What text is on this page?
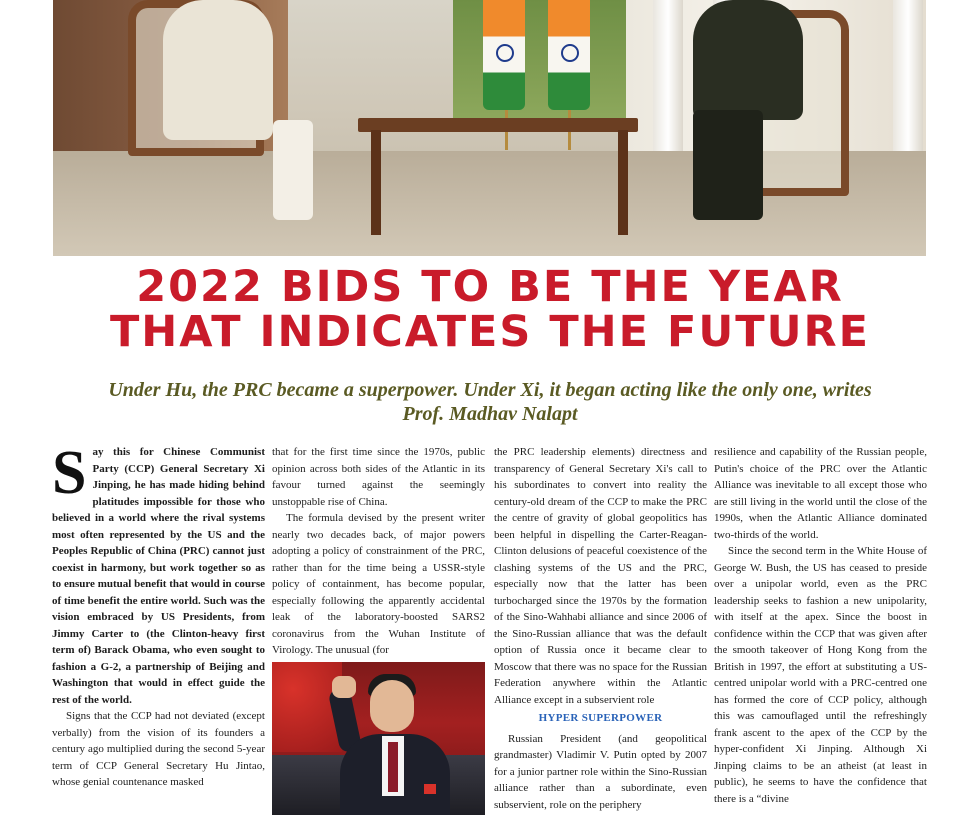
2022 BIDS TO BE THE YEAR
THAT INDICATES THE FUTURE
Under Hu, the PRC became a superpower. Under Xi, it began acting like the only one, writes
Prof. Madhav Nalapt

Say this for Chinese Communist Party (CCP) General Secretary Xi Jinping, he has made hiding behind platitudes impossible for those who believed in a world where the rival systems most often represented by the US and the Peoples Republic of China (PRC) cannot just coexist in harmony, but work together so as to ensure mutual benefit that would in course of time benefit the entire world. Such was the vision embraced by US Presidents, from Jimmy Carter to (the Clinton-heavy first term of) Barack Obama, who even sought to fashion a G-2, a partnership of Beijing and Washington that would in effect guide the rest of the world.

Signs that the CCP had not deviated (except verbally) from the vision of its founders a century ago multiplied during the second 5-year term of CCP General Secretary Hu Jintao, whose genial countenance masked

that for the first time since the 1970s, public opinion across both sides of the Atlantic in its favour turned against the seemingly unstoppable rise of China.

The formula devised by the present writer nearly two decades back, of major powers adopting a policy of constrainment of the PRC, rather than for the time being a USSR-style policy of containment, has become popular, especially following the apparently accidental leak of the laboratory-boosted SARS2 coronavirus from the Wuhan Institute of Virology. The unusual (for

the PRC leadership elements) directness and transparency of General Secretary Xi's call to his subordinates to convert into reality the century-old dream of the CCP to make the PRC the centre of gravity of global geopolitics has been helpful in dispelling the Carter-Reagan-Clinton delusions of peaceful coexistence of the clashing systems of the US and the PRC, especially now that the latter has been turbocharged since the 1970s by the formation of the Sino-Wahhabi alliance and since 2006 of the Sino-Russian alliance that was the default option of Russia once it became clear to Moscow that there was no space for the Russian Federation anywhere within the Atlantic Alliance except in a subservient role

HYPER SUPERPOWER

Russian President (and geopolitical grandmaster) Vladimir V. Putin opted by 2007 for a junior partner role within the Sino-Russian alliance rather than a subordinate, even subservient, role on the periphery

resilience and capability of the Russian people, Putin's choice of the PRC over the Atlantic Alliance was inevitable to all except those who are still living in the world until the close of the 1990s, when the Atlantic Alliance dominated two-thirds of the world.

Since the second term in the White House of George W. Bush, the US has ceased to preside over a unipolar world, even as the PRC leadership seeks to fashion a new unipolarity, with itself at the apex. Since the boost in confidence within the CCP that was given after the smooth takeover of Hong Kong from the British in 1997, the effort at substituting a US-centred unipolar world with a PRC-centred one has formed the core of CCP policy, although this was camouflaged until the refreshingly frank ascent to the apex of the CCP by the hyper-confident Xi Jinping. Although Xi Jinping claims to be an atheist (at least in public), he seems to have the confidence that there is a “divine
